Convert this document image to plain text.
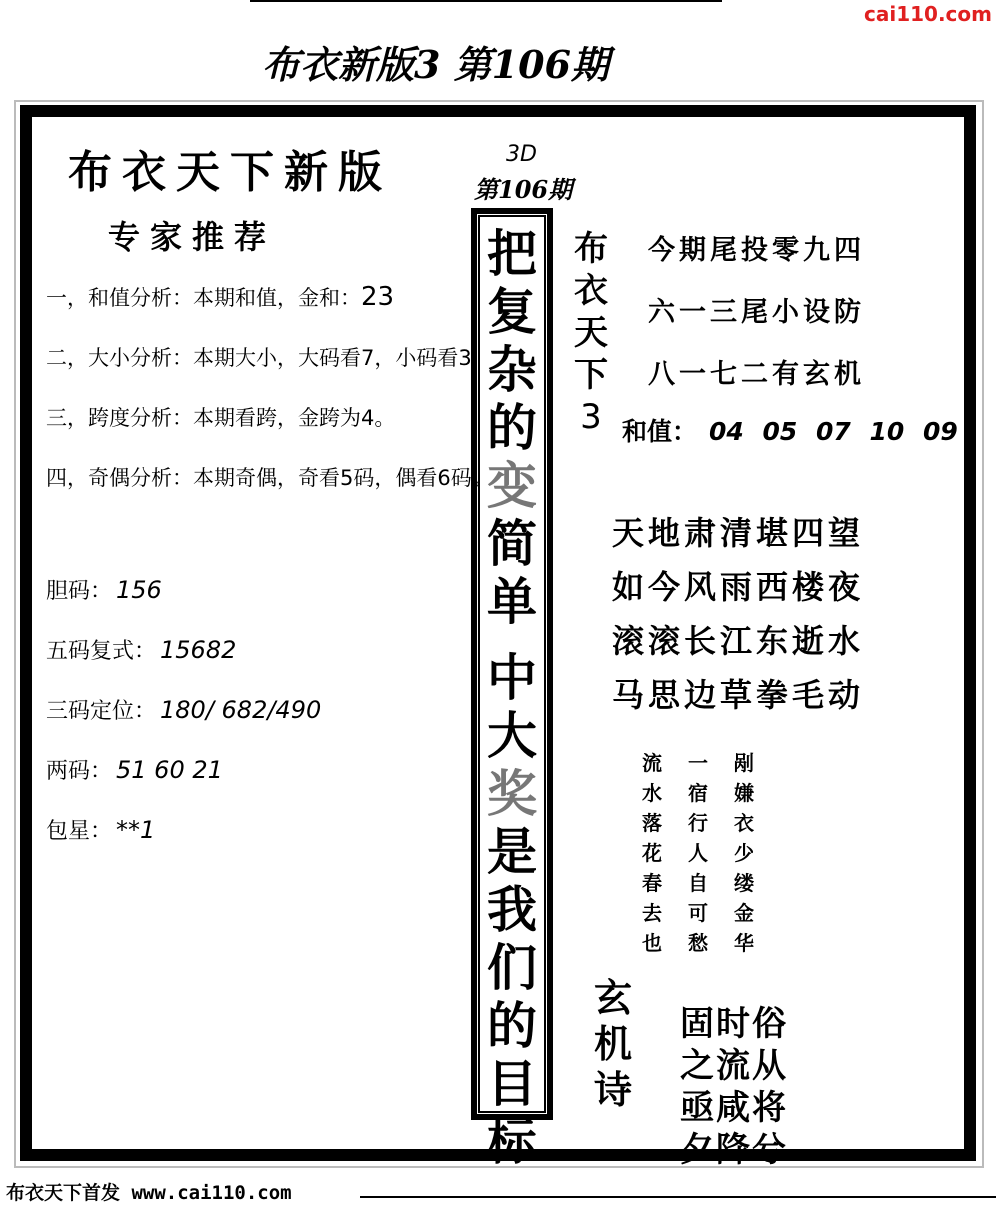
cai110.com
布衣新版3 第106期
布衣天下新版
专家推荐
一，和值分析：本期和值，金和：23
二，大小分析：本期大小，大码看7，小码看3
三，跨度分析：本期看跨，金跨为4。
四，奇偶分析：本期奇偶，奇看5码，偶看6码。
胆码： 156
五码复式： 15682
三码定位： 180/ 682/490
两码： 51 60 21
包星： **1
3D
第106期
把
复
杂
的
变
简
单
中
大
奖
是
我
们
的
目
标
布
衣
天
下
3
今期尾投零九四
六一三尾小设防
八一七二有玄机
和值： 04 05 07 10 09
天地肃清堪四望
如今风雨西楼夜
滚滚长江东逝水
马思边草拳毛动
流
水
落
花
春
去
也
一
宿
行
人
自
可
愁
剐
嫌
衣
少
缕
金
华
玄
机
诗
固时俗
之流从
亟咸将
夕降兮
布衣天下首发 www.cai110.com
